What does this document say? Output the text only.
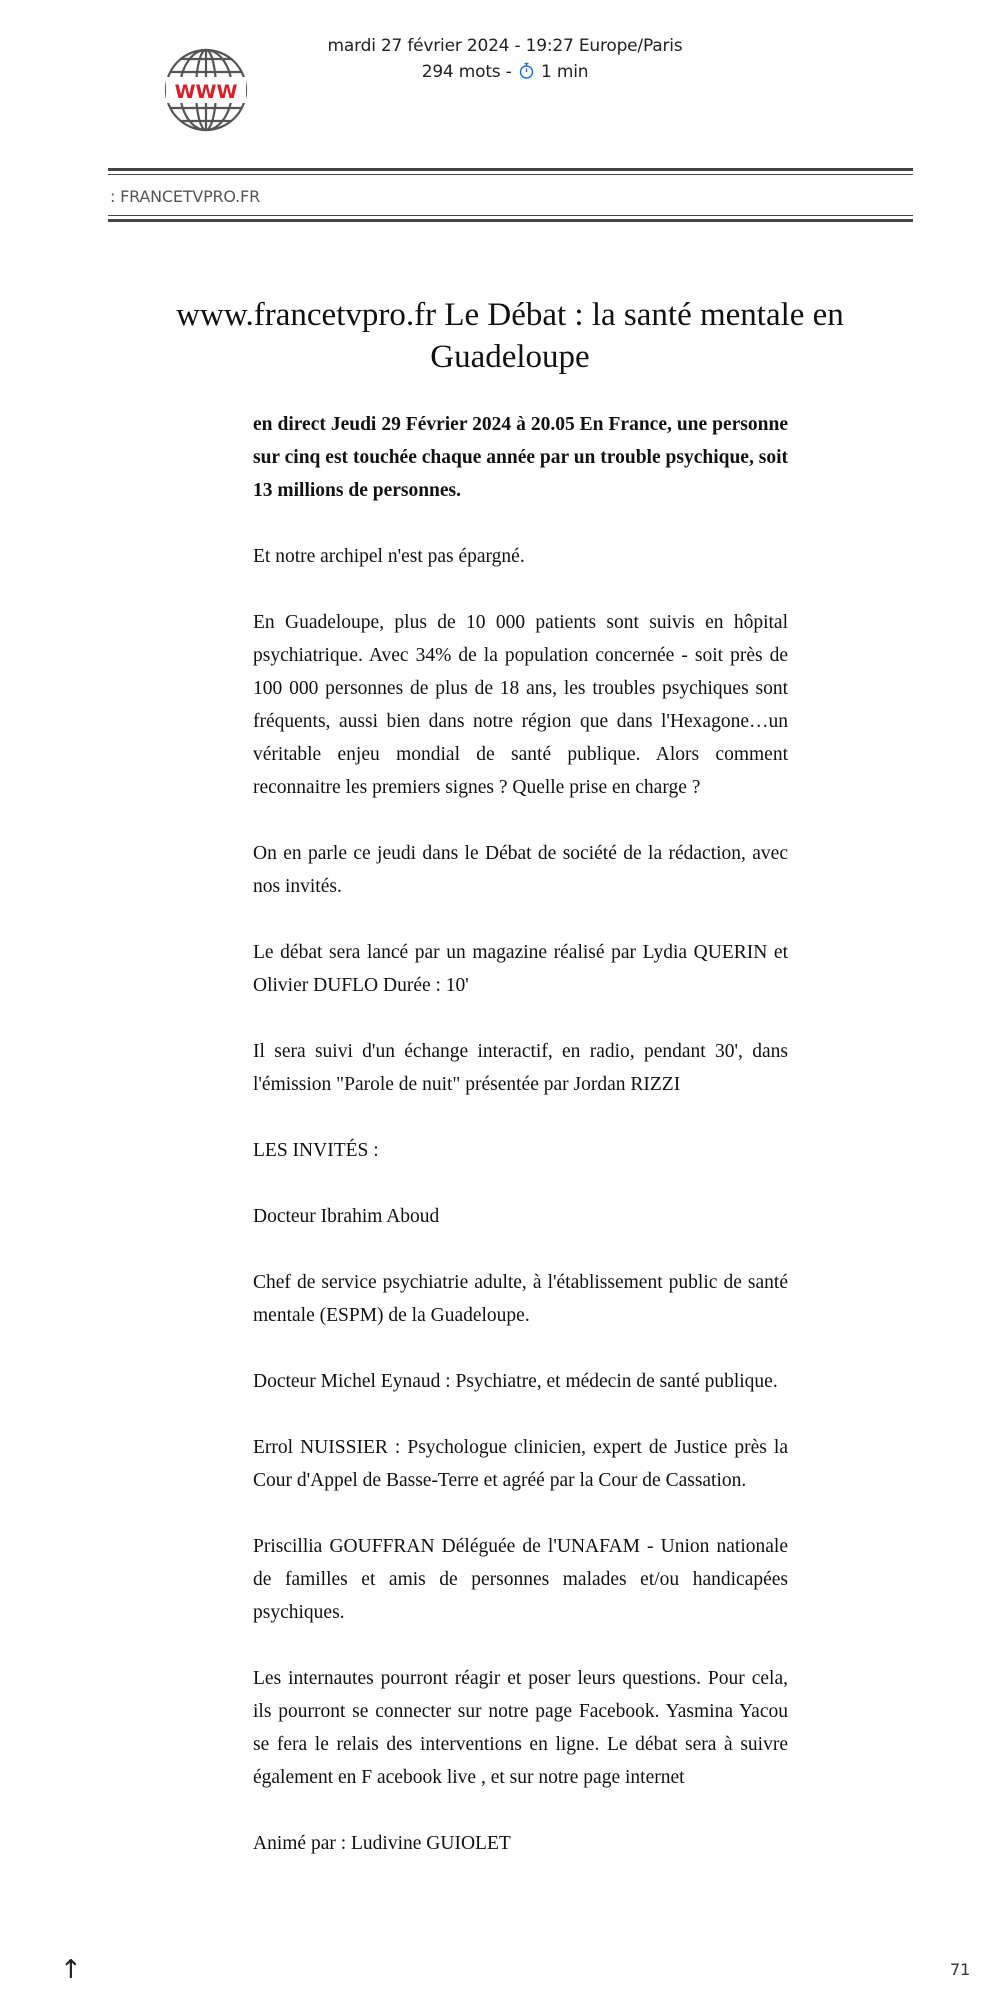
WWW
mardi 27 février 2024 - 19:27 Europe/Paris
294 mots - 1 min
: FRANCETVPRO.FR
www.francetvpro.fr Le Débat : la santé mentale en Guadeloupe

en direct Jeudi 29 Février 2024 à 20.05 En France, une personne sur cinq est touchée chaque année par un trouble psychique, soit 13 millions de personnes.

Et notre archipel n'est pas épargné.

En Guadeloupe, plus de 10 000 patients sont suivis en hôpital psychiatrique. Avec 34% de la population concernée - soit près de 100 000 personnes de plus de 18 ans, les troubles psychiques sont fréquents, aussi bien dans notre région que dans l'Hexagone…un véritable enjeu mondial de santé publique. Alors comment reconnaitre les premiers signes ? Quelle prise en charge ?

On en parle ce jeudi dans le Débat de société de la rédaction, avec nos invités.

Le débat sera lancé par un magazine réalisé par Lydia QUERIN et Olivier DUFLO Durée : 10'

Il sera suivi d'un échange interactif, en radio, pendant 30', dans l'émission "Parole de nuit" présentée par Jordan RIZZI

LES INVITÉS :

Docteur Ibrahim Aboud

Chef de service psychiatrie adulte, à l'établissement public de santé mentale (ESPM) de la Guadeloupe.

Docteur Michel Eynaud : Psychiatre, et médecin de santé publique.

Errol NUISSIER : Psychologue clinicien, expert de Justice près la Cour d'Appel de Basse-Terre et agréé par la Cour de Cassation.

Priscillia GOUFFRAN Déléguée de l'UNAFAM - Union nationale de familles et amis de personnes malades et/ou handicapées psychiques.

Les internautes pourront réagir et poser leurs questions. Pour cela, ils pourront se connecter sur notre page Facebook. Yasmina Yacou se fera le relais des interventions en ligne. Le débat sera à suivre également en F acebook live , et sur notre page internet

Animé par : Ludivine GUIOLET

↑	71
